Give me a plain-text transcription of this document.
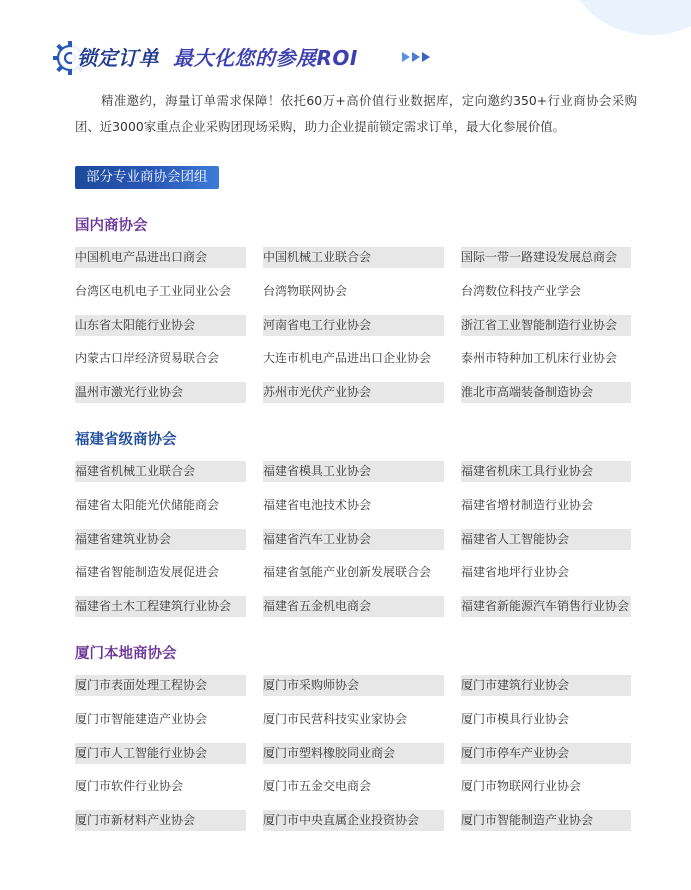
锁定订单 最大化您的参展ROI

精准邀约，海量订单需求保障！依托60万+高价值行业数据库，定向邀约350+行业商协会采购团、近3000家重点企业采购团现场采购，助力企业提前锁定需求订单，最大化参展价值。

部分专业商协会团组
国内商协会
中国机电产品进出口商会	中国机械工业联合会	国际一带一路建设发展总商会
台湾区电机电子工业同业公会	台湾物联网协会	台湾数位科技产业学会
山东省太阳能行业协会	河南省电工行业协会	浙江省工业智能制造行业协会
内蒙古口岸经济贸易联合会	大连市机电产品进出口企业协会	泰州市特种加工机床行业协会
温州市激光行业协会	苏州市光伏产业协会	淮北市高端装备制造协会
福建省级商协会
福建省机械工业联合会	福建省模具工业协会	福建省机床工具行业协会
福建省太阳能光伏储能商会	福建省电池技术协会	福建省增材制造行业协会
福建省建筑业协会	福建省汽车工业协会	福建省人工智能协会
福建省智能制造发展促进会	福建省氢能产业创新发展联合会	福建省地坪行业协会
福建省土木工程建筑行业协会	福建省五金机电商会	福建省新能源汽车销售行业协会
厦门本地商协会
厦门市表面处理工程协会	厦门市采购师协会	厦门市建筑行业协会
厦门市智能建造产业协会	厦门市民营科技实业家协会	厦门市模具行业协会
厦门市人工智能行业协会	厦门市塑料橡胶同业商会	厦门市停车产业协会
厦门市软件行业协会	厦门市五金交电商会	厦门市物联网行业协会
厦门市新材料产业协会	厦门市中央直属企业投资协会	厦门市智能制造产业协会
